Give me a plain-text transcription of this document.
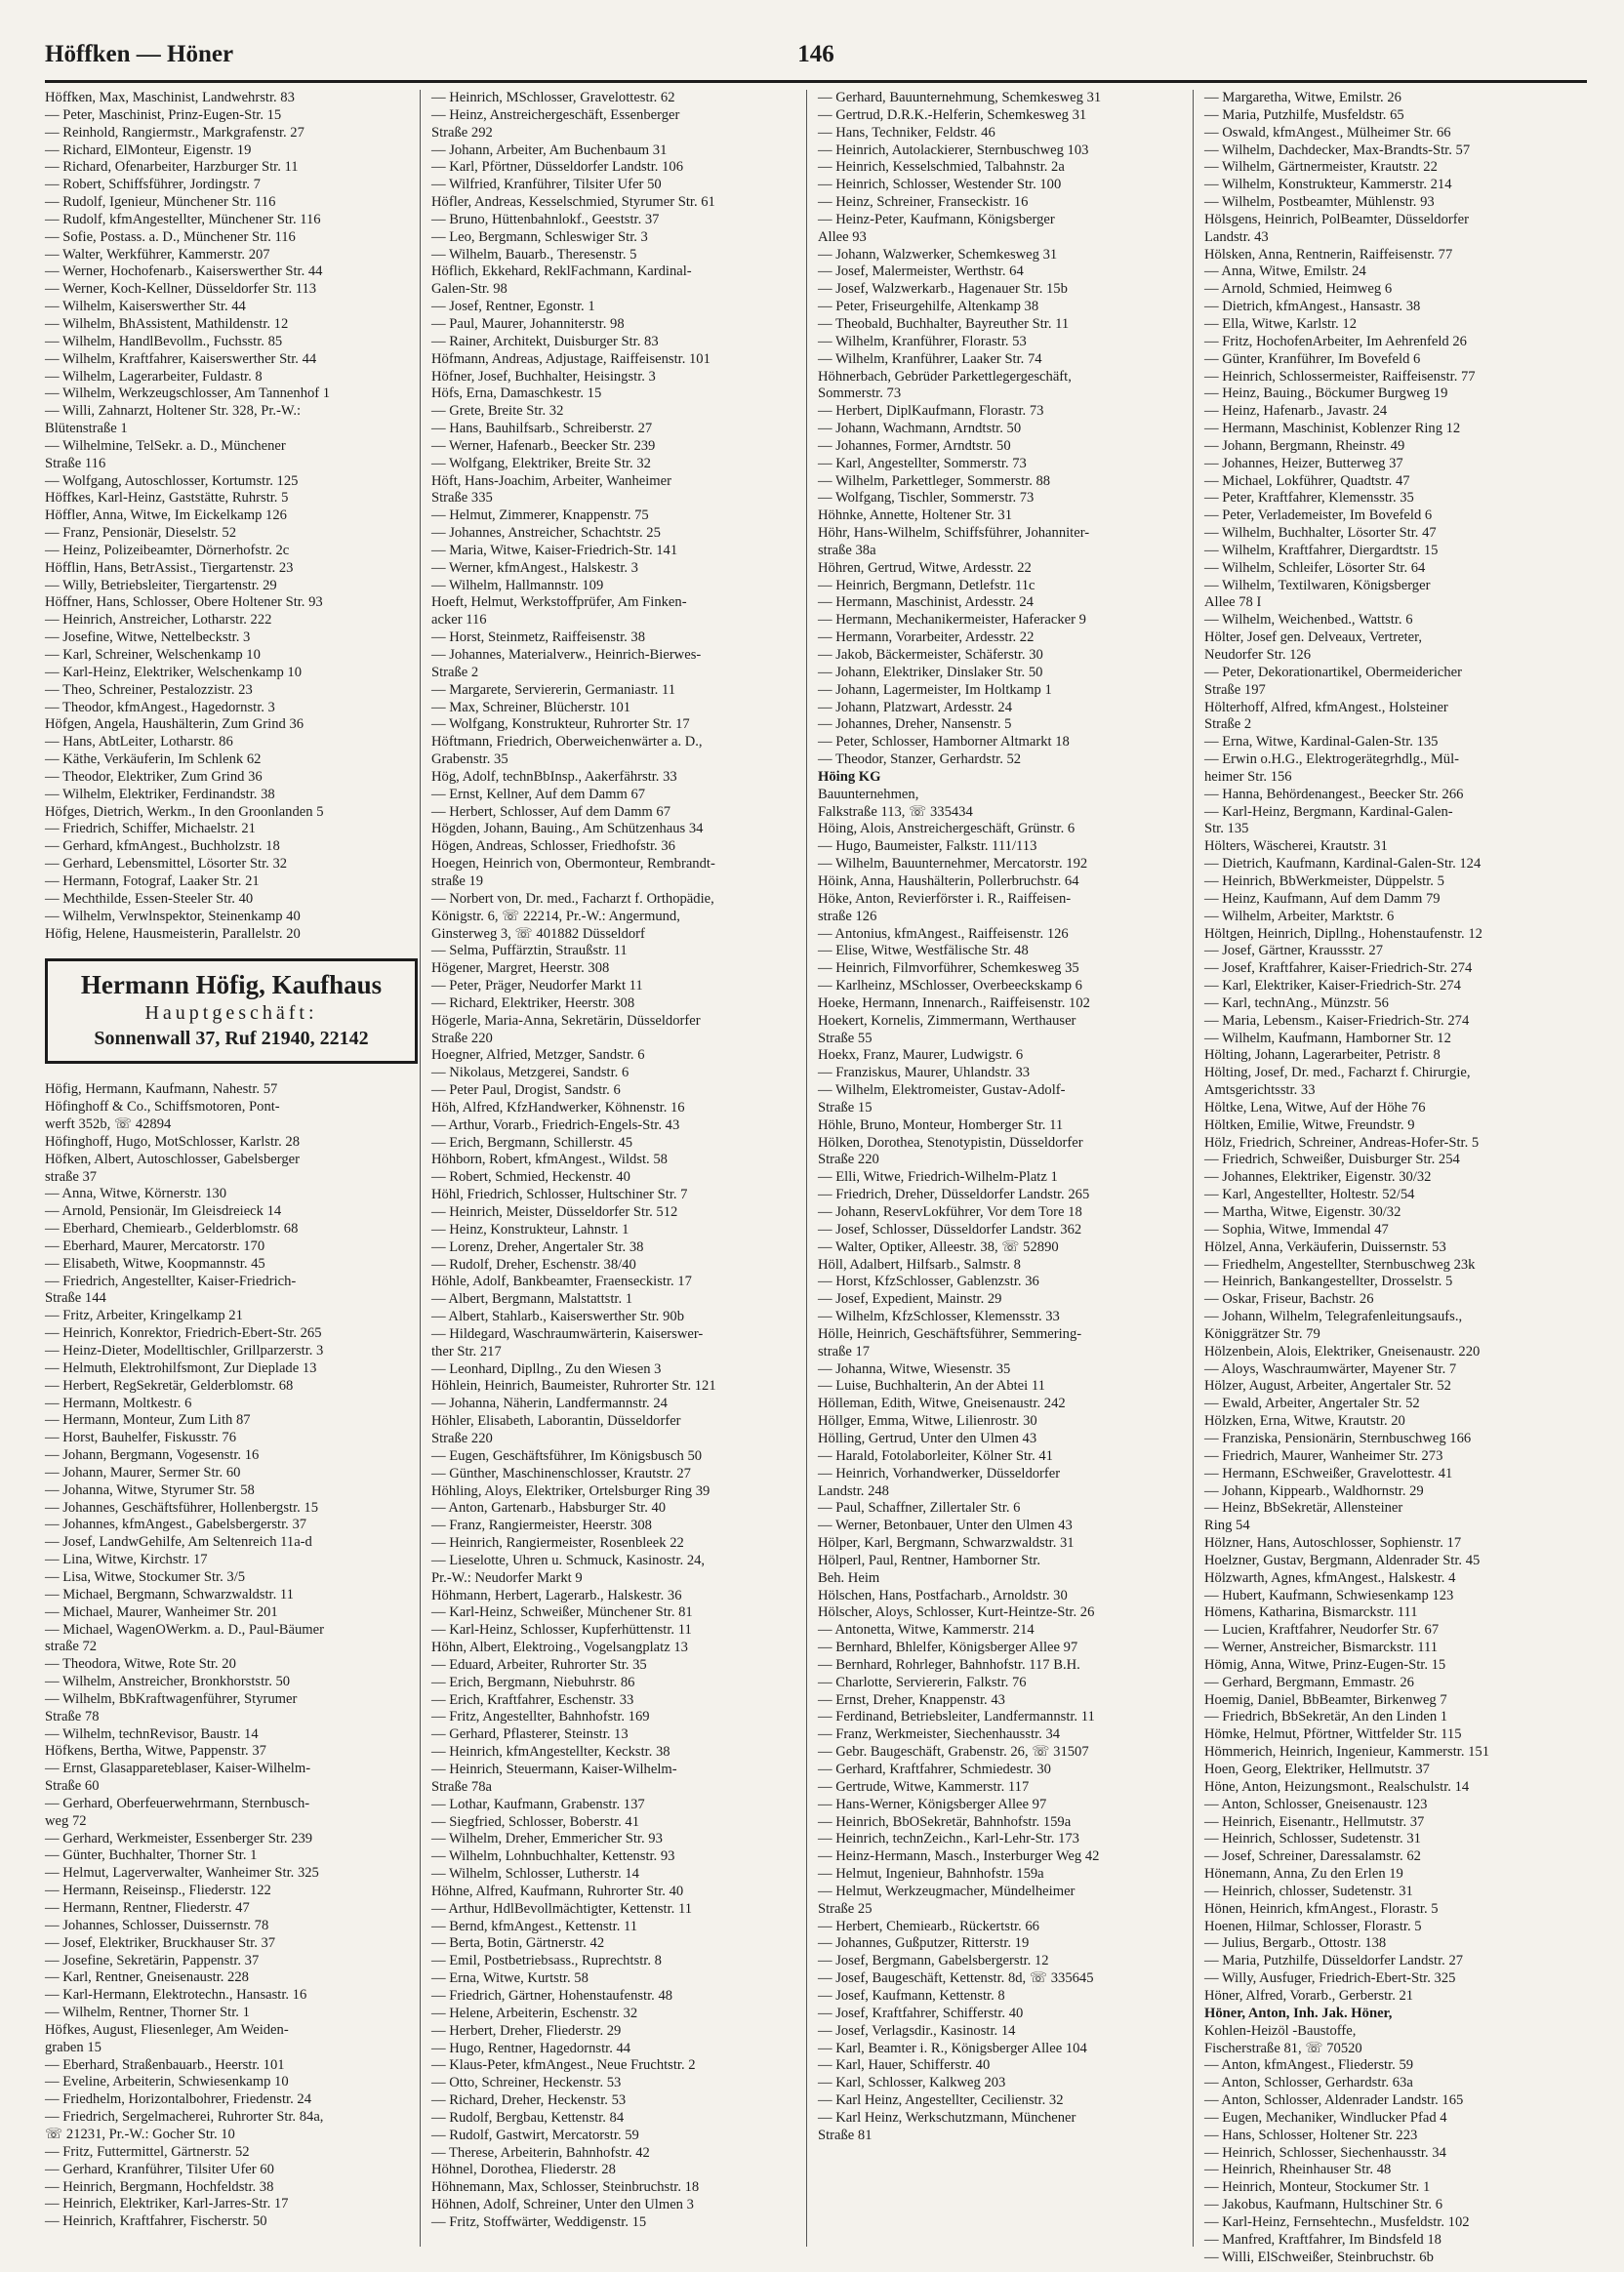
146
Höffken — Höner
Höffken, Max, Maschinist, Landwehrstr. 83
— Peter, Maschinist, Prinz-Eugen-Str. 15
— Reinhold, Rangiermstr., Markgrafenstr. 27
— Richard, ElMonteur, Eigenstr. 19
— Richard, Ofenarbeiter, Harzburger Str. 11
— Robert, Schiffsführer, Jordingstr. 7
— Rudolf, Igenieur, Münchener Str. 116
— Rudolf, kfmAngestellter, Münchener Str. 116
— Sofie, Postass. a. D., Münchener Str. 116
— Walter, Werkführer, Kammerstr. 207
— Werner, Hochofenarb., Kaiserswerther Str. 44
— Werner, Koch-Kellner, Düsseldorfer Str. 113
— Wilhelm, Kaiserswerther Str. 44
— Wilhelm, BhAssistent, Mathildenstr. 12
— Wilhelm, HandlBevollm., Fuchsstr. 85
— Wilhelm, Kraftfahrer, Kaiserswerther Str. 44
— Wilhelm, Lagerarbeiter, Fuldastr. 8
— Wilhelm, Werkzeugschlosser, Am Tannenhof 1
— Willi, Zahnarzt, Holtener Str. 328, Pr.-W.:
Blütenstraße 1
— Wilhelmine, TelSekr. a. D., Münchener
Straße 116
— Wolfgang, Autoschlosser, Kortumstr. 125
Höffkes, Karl-Heinz, Gaststätte, Ruhrstr. 5
Höffler, Anna, Witwe, Im Eickelkamp 126
— Franz, Pensionär, Dieselstr. 52
— Heinz, Polizeibeamter, Dörnerhofstr. 2c
Höfflin, Hans, BetrAssist., Tiergartenstr. 23
— Willy, Betriebsleiter, Tiergartenstr. 29
Höffner, Hans, Schlosser, Obere Holtener Str. 93
— Heinrich, Anstreicher, Lotharstr. 222
— Josefine, Witwe, Nettelbeckstr. 3
— Karl, Schreiner, Welschenkamp 10
— Karl-Heinz, Elektriker, Welschenkamp 10
— Theo, Schreiner, Pestalozzistr. 23
— Theodor, kfmAngest., Hagedornstr. 3
Höfgen, Angela, Haushälterin, Zum Grind 36
— Hans, AbtLeiter, Lotharstr. 86
— Käthe, Verkäuferin, Im Schlenk 62
— Theodor, Elektriker, Zum Grind 36
— Wilhelm, Elektriker, Ferdinandstr. 38
Höfges, Dietrich, Werkm., In den Groonlanden 5
— Friedrich, Schiffer, Michaelstr. 21
— Gerhard, kfmAngest., Buchholzstr. 18
— Gerhard, Lebensmittel, Lösorter Str. 32
— Hermann, Fotograf, Laaker Str. 21
— Mechthilde, Essen-Steeler Str. 40
— Wilhelm, Verwlnspektor, Steinenkamp 40
Höfig, Helene, Hausmeisterin, Parallelstr. 20
Hermann Höfig, Kaufhaus
Hauptgeschäft:
Sonnenwall 37, Ruf 21940, 22142
Höfig, Hermann, Kaufmann, Nahestr. 57
Höfinghoff & Co., Schiffsmotoren, Pont-
werft 352b, ☏ 42894
Höfinghoff, Hugo, MotSchlosser, Karlstr. 28
Höfken, Albert, Autoschlosser, Gabelsberger
straße 37
— Anna, Witwe, Körnerstr. 130
— Arnold, Pensionär, Im Gleisdreieck 14
— Eberhard, Chemiearb., Gelderblomstr. 68
— Eberhard, Maurer, Mercatorstr. 170
— Elisabeth, Witwe, Koopmannstr. 45
— Friedrich, Angestellter, Kaiser-Friedrich-
Straße 144
— Fritz, Arbeiter, Kringelkamp 21
— Heinrich, Konrektor, Friedrich-Ebert-Str. 265
— Heinz-Dieter, Modelltischler, Grillparzerstr. 3
— Helmuth, Elektrohilfsmont, Zur Dieplade 13
— Herbert, RegSekretär, Gelderblomstr. 68
— Hermann, Moltkestr. 6
— Hermann, Monteur, Zum Lith 87
— Horst, Bauhelfer, Fiskusstr. 76
— Johann, Bergmann, Vogesenstr. 16
— Johann, Maurer, Sermer Str. 60
— Johanna, Witwe, Styrumer Str. 58
— Johannes, Geschäftsführer, Hollenbergstr. 15
— Johannes, kfmAngest., Gabelsbergerstr. 37
— Josef, LandwGehilfe, Am Seltenreich 11a-d
— Lina, Witwe, Kirchstr. 17
— Lisa, Witwe, Stockumer Str. 3/5
— Michael, Bergmann, Schwarzwaldstr. 11
— Michael, Maurer, Wanheimer Str. 201
— Michael, WagenOWerkm. a. D., Paul-Bäumer
straße 72
— Theodora, Witwe, Rote Str. 20
— Wilhelm, Anstreicher, Bronkhorststr. 50
— Wilhelm, BbKraftwagenführer, Styrumer
Straße 78
— Wilhelm, technRevisor, Baustr. 14
Höfkens, Bertha, Witwe, Pappenstr. 37
— Ernst, Glasappareteblaser, Kaiser-Wilhelm-
Straße 60
— Gerhard, Oberfeuerwehrmann, Sternbusch-
weg 72
— Gerhard, Werkmeister, Essenberger Str. 239
— Günter, Buchhalter, Thorner Str. 1
— Helmut, Lagerverwalter, Wanheimer Str. 325
— Hermann, Reiseinsp., Fliederstr. 122
— Hermann, Rentner, Fliederstr. 47
— Johannes, Schlosser, Duissernstr. 78
— Josef, Elektriker, Bruckhauser Str. 37
— Josefine, Sekretärin, Pappenstr. 37
— Karl, Rentner, Gneisenaustr. 228
— Karl-Hermann, Elektrotechn., Hansastr. 16
— Wilhelm, Rentner, Thorner Str. 1
Höfkes, August, Fliesenleger, Am Weiden-
graben 15
— Eberhard, Straßenbauarb., Heerstr. 101
— Eveline, Arbeiterin, Schwiesenkamp 10
— Friedhelm, Horizontalbohrer, Friedenstr. 24
— Friedrich, Sergelmacherei, Ruhrorter Str. 84a,
☏ 21231, Pr.-W.: Gocher Str. 10
— Fritz, Futtermittel, Gärtnerstr. 52
— Gerhard, Kranführer, Tilsiter Ufer 60
— Heinrich, Bergmann, Hochfeldstr. 38
— Heinrich, Elektriker, Karl-Jarres-Str. 17
— Heinrich, Kraftfahrer, Fischerstr. 50
— Heinrich, MSchlosser, Gravelottestr. 62
— Heinz, Anstreichergeschäft, Essenberger
Straße 292
— Johann, Arbeiter, Am Buchenbaum 31
— Karl, Pförtner, Düsseldorfer Landstr. 106
— Wilfried, Kranführer, Tilsiter Ufer 50
Höfler, Andreas, Kesselschmied, Styrumer Str. 61
— Bruno, Hüttenbahnlokf., Geeststr. 37
— Leo, Bergmann, Schleswiger Str. 3
— Wilhelm, Bauarb., Theresenstr. 5
Höflich, Ekkehard, ReklFachmann, Kardinal-
Galen-Str. 98
— Josef, Rentner, Egonstr. 1
— Paul, Maurer, Johanniterstr. 98
— Rainer, Architekt, Duisburger Str. 83
Höfmann, Andreas, Adjustage, Raiffeisenstr. 101
Höfner, Josef, Buchhalter, Heisingstr. 3
Höfs, Erna, Damaschkestr. 15
— Grete, Breite Str. 32
— Hans, Bauhilfsarb., Schreiberstr. 27
— Werner, Hafenarb., Beecker Str. 239
— Wolfgang, Elektriker, Breite Str. 32
Höft, Hans-Joachim, Arbeiter, Wanheimer
Straße 335
— Helmut, Zimmerer, Knappenstr. 75
— Johannes, Anstreicher, Schachtstr. 25
— Maria, Witwe, Kaiser-Friedrich-Str. 141
— Werner, kfmAngest., Halskestr. 3
— Wilhelm, Hallmannstr. 109
Hoeft, Helmut, Werkstoffprüfer, Am Finken-
acker 116
— Horst, Steinmetz, Raiffeisenstr. 38
— Johannes, Materialverw., Heinrich-Bierwes-
Straße 2
— Margarete, Serviererin, Germaniastr. 11
— Max, Schreiner, Blücherstr. 101
— Wolfgang, Konstrukteur, Ruhrorter Str. 17
Höftmann, Friedrich, Oberweichenwärter a. D.,
Grabenstr. 35
Hög, Adolf, technBbInsp., Aakerfährstr. 33
— Ernst, Kellner, Auf dem Damm 67
— Herbert, Schlosser, Auf dem Damm 67
Högden, Johann, Bauing., Am Schützenhaus 34
Högen, Andreas, Schlosser, Friedhofstr. 36
Hoegen, Heinrich von, Obermonteur, Rembrandt-
straße 19
— Norbert von, Dr. med., Facharzt f. Orthopädie,
Königstr. 6, ☏ 22214, Pr.-W.: Angermund,
Ginsterweg 3, ☏ 401882 Düsseldorf
— Selma, Puffärztin, Straußstr. 11
Högener, Margret, Heerstr. 308
— Peter, Präger, Neudorfer Markt 11
— Richard, Elektriker, Heerstr. 308
Högerle, Maria-Anna, Sekretärin, Düsseldorfer
Straße 220
Hoegner, Alfried, Metzger, Sandstr. 6
— Nikolaus, Metzgerei, Sandstr. 6
— Peter Paul, Drogist, Sandstr. 6
Höh, Alfred, KfzHandwerker, Köhnenstr. 16
— Arthur, Vorarb., Friedrich-Engels-Str. 43
— Erich, Bergmann, Schillerstr. 45
Höhborn, Robert, kfmAngest., Wildst. 58
— Robert, Schmied, Heckenstr. 40
Höhl, Friedrich, Schlosser, Hultschiner Str. 7
— Heinrich, Meister, Düsseldorfer Str. 512
— Heinz, Konstrukteur, Lahnstr. 1
— Lorenz, Dreher, Angertaler Str. 38
— Rudolf, Dreher, Eschenstr. 38/40
Höhle, Adolf, Bankbeamter, Fraenseckistr. 17
— Albert, Bergmann, Malstattstr. 1
— Albert, Stahlarb., Kaiserswerther Str. 90b
— Hildegard, Waschraumwärterin, Kaiserswer-
ther Str. 217
— Leonhard, Dipllng., Zu den Wiesen 3
Höhlein, Heinrich, Baumeister, Ruhrorter Str. 121
— Johanna, Näherin, Landfermannstr. 24
Höhler, Elisabeth, Laborantin, Düsseldorfer
Straße 220
— Eugen, Geschäftsführer, Im Königsbusch 50
— Günther, Maschinenschlosser, Krautstr. 27
Höhling, Aloys, Elektriker, Ortelsburger Ring 39
— Anton, Gartenarb., Habsburger Str. 40
— Franz, Rangiermeister, Heerstr. 308
— Heinrich, Rangiermeister, Rosenbleek 22
— Lieselotte, Uhren u. Schmuck, Kasinostr. 24,
Pr.-W.: Neudorfer Markt 9
Höhmann, Herbert, Lagerarb., Halskestr. 36
— Karl-Heinz, Schweißer, Münchener Str. 81
— Karl-Heinz, Schlosser, Kupferhüttenstr. 11
Höhn, Albert, Elektroing., Vogelsangplatz 13
— Eduard, Arbeiter, Ruhrorter Str. 35
— Erich, Bergmann, Niebuhrstr. 86
— Erich, Kraftfahrer, Eschenstr. 33
— Fritz, Angestellter, Bahnhofstr. 169
— Gerhard, Pflasterer, Steinstr. 13
— Heinrich, kfmAngestellter, Keckstr. 38
— Heinrich, Steuermann, Kaiser-Wilhelm-
Straße 78a
— Lothar, Kaufmann, Grabenstr. 137
— Siegfried, Schlosser, Boberstr. 41
— Wilhelm, Dreher, Emmericher Str. 93
— Wilhelm, Lohnbuchhalter, Kettenstr. 93
— Wilhelm, Schlosser, Lutherstr. 14
Höhne, Alfred, Kaufmann, Ruhrorter Str. 40
— Arthur, HdlBevollmächtigter, Kettenstr. 11
— Bernd, kfmAngest., Kettenstr. 11
— Berta, Botin, Gärtnerstr. 42
— Emil, Postbetriebsass., Ruprechtstr. 8
— Erna, Witwe, Kurtstr. 58
— Friedrich, Gärtner, Hohenstaufenstr. 48
— Helene, Arbeiterin, Eschenstr. 32
— Herbert, Dreher, Fliederstr. 29
— Hugo, Rentner, Hagedornstr. 44
— Klaus-Peter, kfmAngest., Neue Fruchtstr. 2
— Otto, Schreiner, Heckenstr. 53
— Richard, Dreher, Heckenstr. 53
— Rudolf, Bergbau, Kettenstr. 84
— Rudolf, Gastwirt, Mercatorstr. 59
— Therese, Arbeiterin, Bahnhofstr. 42
Höhnel, Dorothea, Fliederstr. 28
Höhnemann, Max, Schlosser, Steinbruchstr. 18
Höhnen, Adolf, Schreiner, Unter den Ulmen 3
— Fritz, Stoffwärter, Weddigenstr. 15
— Gerhard, Bauunternehmung, Schemkesweg 31
— Gertrud, D.R.K.-Helferin, Schemkesweg 31
— Hans, Techniker, Feldstr. 46
— Heinrich, Autolackierer, Sternbuschweg 103
— Heinrich, Kesselschmied, Talbahnstr. 2a
— Heinrich, Schlosser, Westender Str. 100
— Heinz, Schreiner, Franseckistr. 16
— Heinz-Peter, Kaufmann, Königsberger
Allee 93
— Johann, Walzwerker, Schemkesweg 31
— Josef, Malermeister, Werthstr. 64
— Josef, Walzwerkarb., Hagenauer Str. 15b
— Peter, Friseurgehilfe, Altenkamp 38
— Theobald, Buchhalter, Bayreuther Str. 11
— Wilhelm, Kranführer, Florastr. 53
— Wilhelm, Kranführer, Laaker Str. 74
Höhnerbach, Gebrüder Parkettlegergeschäft,
Sommerstr. 73
— Herbert, DiplKaufmann, Florastr. 73
— Johann, Wachmann, Arndtstr. 50
— Johannes, Former, Arndtstr. 50
— Karl, Angestellter, Sommerstr. 73
— Wilhelm, Parkettleger, Sommerstr. 88
— Wolfgang, Tischler, Sommerstr. 73
Höhnke, Annette, Holtener Str. 31
Höhr, Hans-Wilhelm, Schiffsführer, Johanniter-
straße 38a
Höhren, Gertrud, Witwe, Ardesstr. 22
— Heinrich, Bergmann, Detlefstr. 11c
— Hermann, Maschinist, Ardesstr. 24
— Hermann, Mechanikermeister, Haferacker 9
— Hermann, Vorarbeiter, Ardesstr. 22
— Jakob, Bäckermeister, Schäferstr. 30
— Johann, Elektriker, Dinslaker Str. 50
— Johann, Lagermeister, Im Holtkamp 1
— Johann, Platzwart, Ardesstr. 24
— Johannes, Dreher, Nansenstr. 5
— Peter, Schlosser, Hamborner Altmarkt 18
— Theodor, Stanzer, Gerhardstr. 52
Höing KG
Bauunternehmen,
Falkstraße 113, ☏ 335434
Höing, Alois, Anstreichergeschäft, Grünstr. 6
— Hugo, Baumeister, Falkstr. 111/113
— Wilhelm, Bauunternehmer, Mercatorstr. 192
Höink, Anna, Haushälterin, Pollerbruchstr. 64
Höke, Anton, Revierförster i. R., Raiffeisen-
straße 126
— Antonius, kfmAngest., Raiffeisenstr. 126
— Elise, Witwe, Westfälische Str. 48
— Heinrich, Filmvorführer, Schemkesweg 35
— Karlheinz, MSchlosser, Overbeeckskamp 6
Hoeke, Hermann, Innenarch., Raiffeisenstr. 102
Hoekert, Kornelis, Zimmermann, Werthauser
Straße 55
Hoekx, Franz, Maurer, Ludwigstr. 6
— Franziskus, Maurer, Uhlandstr. 33
— Wilhelm, Elektromeister, Gustav-Adolf-
Straße 15
Höhle, Bruno, Monteur, Homberger Str. 11
Hölken, Dorothea, Stenotypistin, Düsseldorfer
Straße 220
— Elli, Witwe, Friedrich-Wilhelm-Platz 1
— Friedrich, Dreher, Düsseldorfer Landstr. 265
— Johann, ReservLokführer, Vor dem Tore 18
— Josef, Schlosser, Düsseldorfer Landstr. 362
— Walter, Optiker, Alleestr. 38, ☏ 52890
Höll, Adalbert, Hilfsarb., Salmstr. 8
— Horst, KfzSchlosser, Gablenzstr. 36
— Josef, Expedient, Mainstr. 29
— Wilhelm, KfzSchlosser, Klemensstr. 33
Hölle, Heinrich, Geschäftsführer, Semmering-
straße 17
— Johanna, Witwe, Wiesenstr. 35
— Luise, Buchhalterin, An der Abtei 11
Hölleman, Edith, Witwe, Gneisenaustr. 242
Höllger, Emma, Witwe, Lilienrostr. 30
Hölling, Gertrud, Unter den Ulmen 43
— Harald, Fotolaborleiter, Kölner Str. 41
— Heinrich, Vorhandwerker, Düsseldorfer
Landstr. 248
— Paul, Schaffner, Zillertaler Str. 6
— Werner, Betonbauer, Unter den Ulmen 43
Hölper, Karl, Bergmann, Schwarzwaldstr. 31
Hölperl, Paul, Rentner, Hamborner Str.
Beh. Heim
Hölschen, Hans, Postfacharb., Arnoldstr. 30
Hölscher, Aloys, Schlosser, Kurt-Heintze-Str. 26
— Antonetta, Witwe, Kammerstr. 214
— Bernhard, Bhlelfer, Königsberger Allee 97
— Bernhard, Rohrleger, Bahnhofstr. 117 B.H.
— Charlotte, Serviererin, Falkstr. 76
— Ernst, Dreher, Knappenstr. 43
— Ferdinand, Betriebsleiter, Landfermannstr. 11
— Franz, Werkmeister, Siechenhausstr. 34
— Gebr. Baugeschäft, Grabenstr. 26, ☏ 31507
— Gerhard, Kraftfahrer, Schmiedestr. 30
— Gertrude, Witwe, Kammerstr. 117
— Hans-Werner, Königsberger Allee 97
— Heinrich, BbOSekretär, Bahnhofstr. 159a
— Heinrich, technZeichn., Karl-Lehr-Str. 173
— Heinz-Hermann, Masch., Insterburger Weg 42
— Helmut, Ingenieur, Bahnhofstr. 159a
— Helmut, Werkzeugmacher, Mündelheimer
Straße 25
— Herbert, Chemiearb., Rückertstr. 66
— Johannes, Gußputzer, Ritterstr. 19
— Josef, Bergmann, Gabelsbergerstr. 12
— Josef, Baugeschäft, Kettenstr. 8d, ☏ 335645
— Josef, Kaufmann, Kettenstr. 8
— Josef, Kraftfahrer, Schifferstr. 40
— Josef, Verlagsdir., Kasinostr. 14
— Karl, Beamter i. R., Königsberger Allee 104
— Karl, Hauer, Schifferstr. 40
— Karl, Schlosser, Kalkweg 203
— Karl Heinz, Angestellter, Cecilienstr. 32
— Karl Heinz, Werkschutzmann, Münchener
Straße 81
— Margaretha, Witwe, Emilstr. 26
— Maria, Putzhilfe, Musfeldstr. 65
— Oswald, kfmAngest., Mülheimer Str. 66
— Wilhelm, Dachdecker, Max-Brandts-Str. 57
— Wilhelm, Gärtnermeister, Krautstr. 22
— Wilhelm, Konstrukteur, Kammerstr. 214
— Wilhelm, Postbeamter, Mühlenstr. 93
Hölsgens, Heinrich, PolBeamter, Düsseldorfer
Landstr. 43
Hölsken, Anna, Rentnerin, Raiffeisenstr. 77
— Anna, Witwe, Emilstr. 24
— Arnold, Schmied, Heimweg 6
— Dietrich, kfmAngest., Hansastr. 38
— Ella, Witwe, Karlstr. 12
— Fritz, HochofenArbeiter, Im Aehrenfeld 26
— Günter, Kranführer, Im Bovefeld 6
— Heinrich, Schlossermeister, Raiffeisenstr. 77
— Heinz, Bauing., Böckumer Burgweg 19
— Heinz, Hafenarb., Javastr. 24
— Hermann, Maschinist, Koblenzer Ring 12
— Johann, Bergmann, Rheinstr. 49
— Johannes, Heizer, Butterweg 37
— Michael, Lokführer, Quadtstr. 47
— Peter, Kraftfahrer, Klemensstr. 35
— Peter, Verlademeister, Im Bovefeld 6
— Wilhelm, Buchhalter, Lösorter Str. 47
— Wilhelm, Kraftfahrer, Diergardtstr. 15
— Wilhelm, Schleifer, Lösorter Str. 64
— Wilhelm, Textilwaren, Königsberger
Allee 78 I
— Wilhelm, Weichenbed., Wattstr. 6
Hölter, Josef gen. Delveaux, Vertreter,
Neudorfer Str. 126
— Peter, Dekorationartikel, Obermeidericher
Straße 197
Hölterhoff, Alfred, kfmAngest., Holsteiner
Straße 2
— Erna, Witwe, Kardinal-Galen-Str. 135
— Erwin o.H.G., Elektrogerätegrhdlg., Mül-
heimer Str. 156
— Hanna, Behördenangest., Beecker Str. 266
— Karl-Heinz, Bergmann, Kardinal-Galen-
Str. 135
Hölters, Wäscherei, Krautstr. 31
— Dietrich, Kaufmann, Kardinal-Galen-Str. 124
— Heinrich, BbWerkmeister, Düppelstr. 5
— Heinz, Kaufmann, Auf dem Damm 79
— Wilhelm, Arbeiter, Marktstr. 6
Höltgen, Heinrich, Dipllng., Hohenstaufenstr. 12
— Josef, Gärtner, Kraussstr. 27
— Josef, Kraftfahrer, Kaiser-Friedrich-Str. 274
— Karl, Elektriker, Kaiser-Friedrich-Str. 274
— Karl, technAng., Münzstr. 56
— Maria, Lebensm., Kaiser-Friedrich-Str. 274
— Wilhelm, Kaufmann, Hamborner Str. 12
Hölting, Johann, Lagerarbeiter, Petristr. 8
Hölting, Josef, Dr. med., Facharzt f. Chirurgie,
Amtsgerichtsstr. 33
Höltke, Lena, Witwe, Auf der Höhe 76
Höltken, Emilie, Witwe, Freundstr. 9
Hölz, Friedrich, Schreiner, Andreas-Hofer-Str. 5
— Friedrich, Schweißer, Duisburger Str. 254
— Johannes, Elektriker, Eigenstr. 30/32
— Karl, Angestellter, Holtestr. 52/54
— Martha, Witwe, Eigenstr. 30/32
— Sophia, Witwe, Immendal 47
Hölzel, Anna, Verkäuferin, Duissernstr. 53
— Friedhelm, Angestellter, Sternbuschweg 23k
— Heinrich, Bankangestellter, Drosselstr. 5
— Oskar, Friseur, Bachstr. 26
— Johann, Wilhelm, Telegrafenleitungsaufs.,
Königgrätzer Str. 79
Hölzenbein, Alois, Elektriker, Gneisenaustr. 220
— Aloys, Waschraumwärter, Mayener Str. 7
Hölzer, August, Arbeiter, Angertaler Str. 52
— Ewald, Arbeiter, Angertaler Str. 52
Hölzken, Erna, Witwe, Krautstr. 20
— Franziska, Pensionärin, Sternbuschweg 166
— Friedrich, Maurer, Wanheimer Str. 273
— Hermann, ESchweißer, Gravelottestr. 41
— Johann, Kippearb., Waldhornstr. 29
— Heinz, BbSekretär, Allensteiner
Ring 54
Hölzner, Hans, Autoschlosser, Sophienstr. 17
Hoelzner, Gustav, Bergmann, Aldenrader Str. 45
Hölzwarth, Agnes, kfmAngest., Halskestr. 4
— Hubert, Kaufmann, Schwiesenkamp 123
Hömens, Katharina, Bismarckstr. 111
— Lucien, Kraftfahrer, Neudorfer Str. 67
— Werner, Anstreicher, Bismarckstr. 111
Hömig, Anna, Witwe, Prinz-Eugen-Str. 15
— Gerhard, Bergmann, Emmastr. 26
Hoemig, Daniel, BbBeamter, Birkenweg 7
— Friedrich, BbSekretär, An den Linden 1
Hömke, Helmut, Pförtner, Wittfelder Str. 115
Hömmerich, Heinrich, Ingenieur, Kammerstr. 151
Hoen, Georg, Elektriker, Hellmutstr. 37
Höne, Anton, Heizungsmont., Realschulstr. 14
— Anton, Schlosser, Gneisenaustr. 123
— Heinrich, Eisenantr., Hellmutstr. 37
— Heinrich, Schlosser, Sudetenstr. 31
— Josef, Schreiner, Daressalamstr. 62
Hönemann, Anna, Zu den Erlen 19
— Heinrich, chlosser, Sudetenstr. 31
Hönen, Heinrich, kfmAngest., Florastr. 5
Hoenen, Hilmar, Schlosser, Florastr. 5
— Julius, Bergarb., Ottostr. 138
— Maria, Putzhilfe, Düsseldorfer Landstr. 27
— Willy, Ausfuger, Friedrich-Ebert-Str. 325
Höner, Alfred, Vorarb., Gerberstr. 21
Höner, Anton, Inh. Jak. Höner,
Kohlen-Heizöl -Baustoffe,
Fischerstraße 81, ☏ 70520
— Anton, kfmAngest., Fliederstr. 59
— Anton, Schlosser, Gerhardstr. 63a
— Anton, Schlosser, Aldenrader Landstr. 165
— Eugen, Mechaniker, Windlucker Pfad 4
— Hans, Schlosser, Holtener Str. 223
— Heinrich, Schlosser, Siechenhausstr. 34
— Heinrich, Rheinhauser Str. 48
— Heinrich, Monteur, Stockumer Str. 1
— Jakobus, Kaufmann, Hultschiner Str. 6
— Karl-Heinz, Fernsehtechn., Musfeldstr. 102
— Manfred, Kraftfahrer, Im Bindsfeld 18
— Willi, ElSchweißer, Steinbruchstr. 6b
